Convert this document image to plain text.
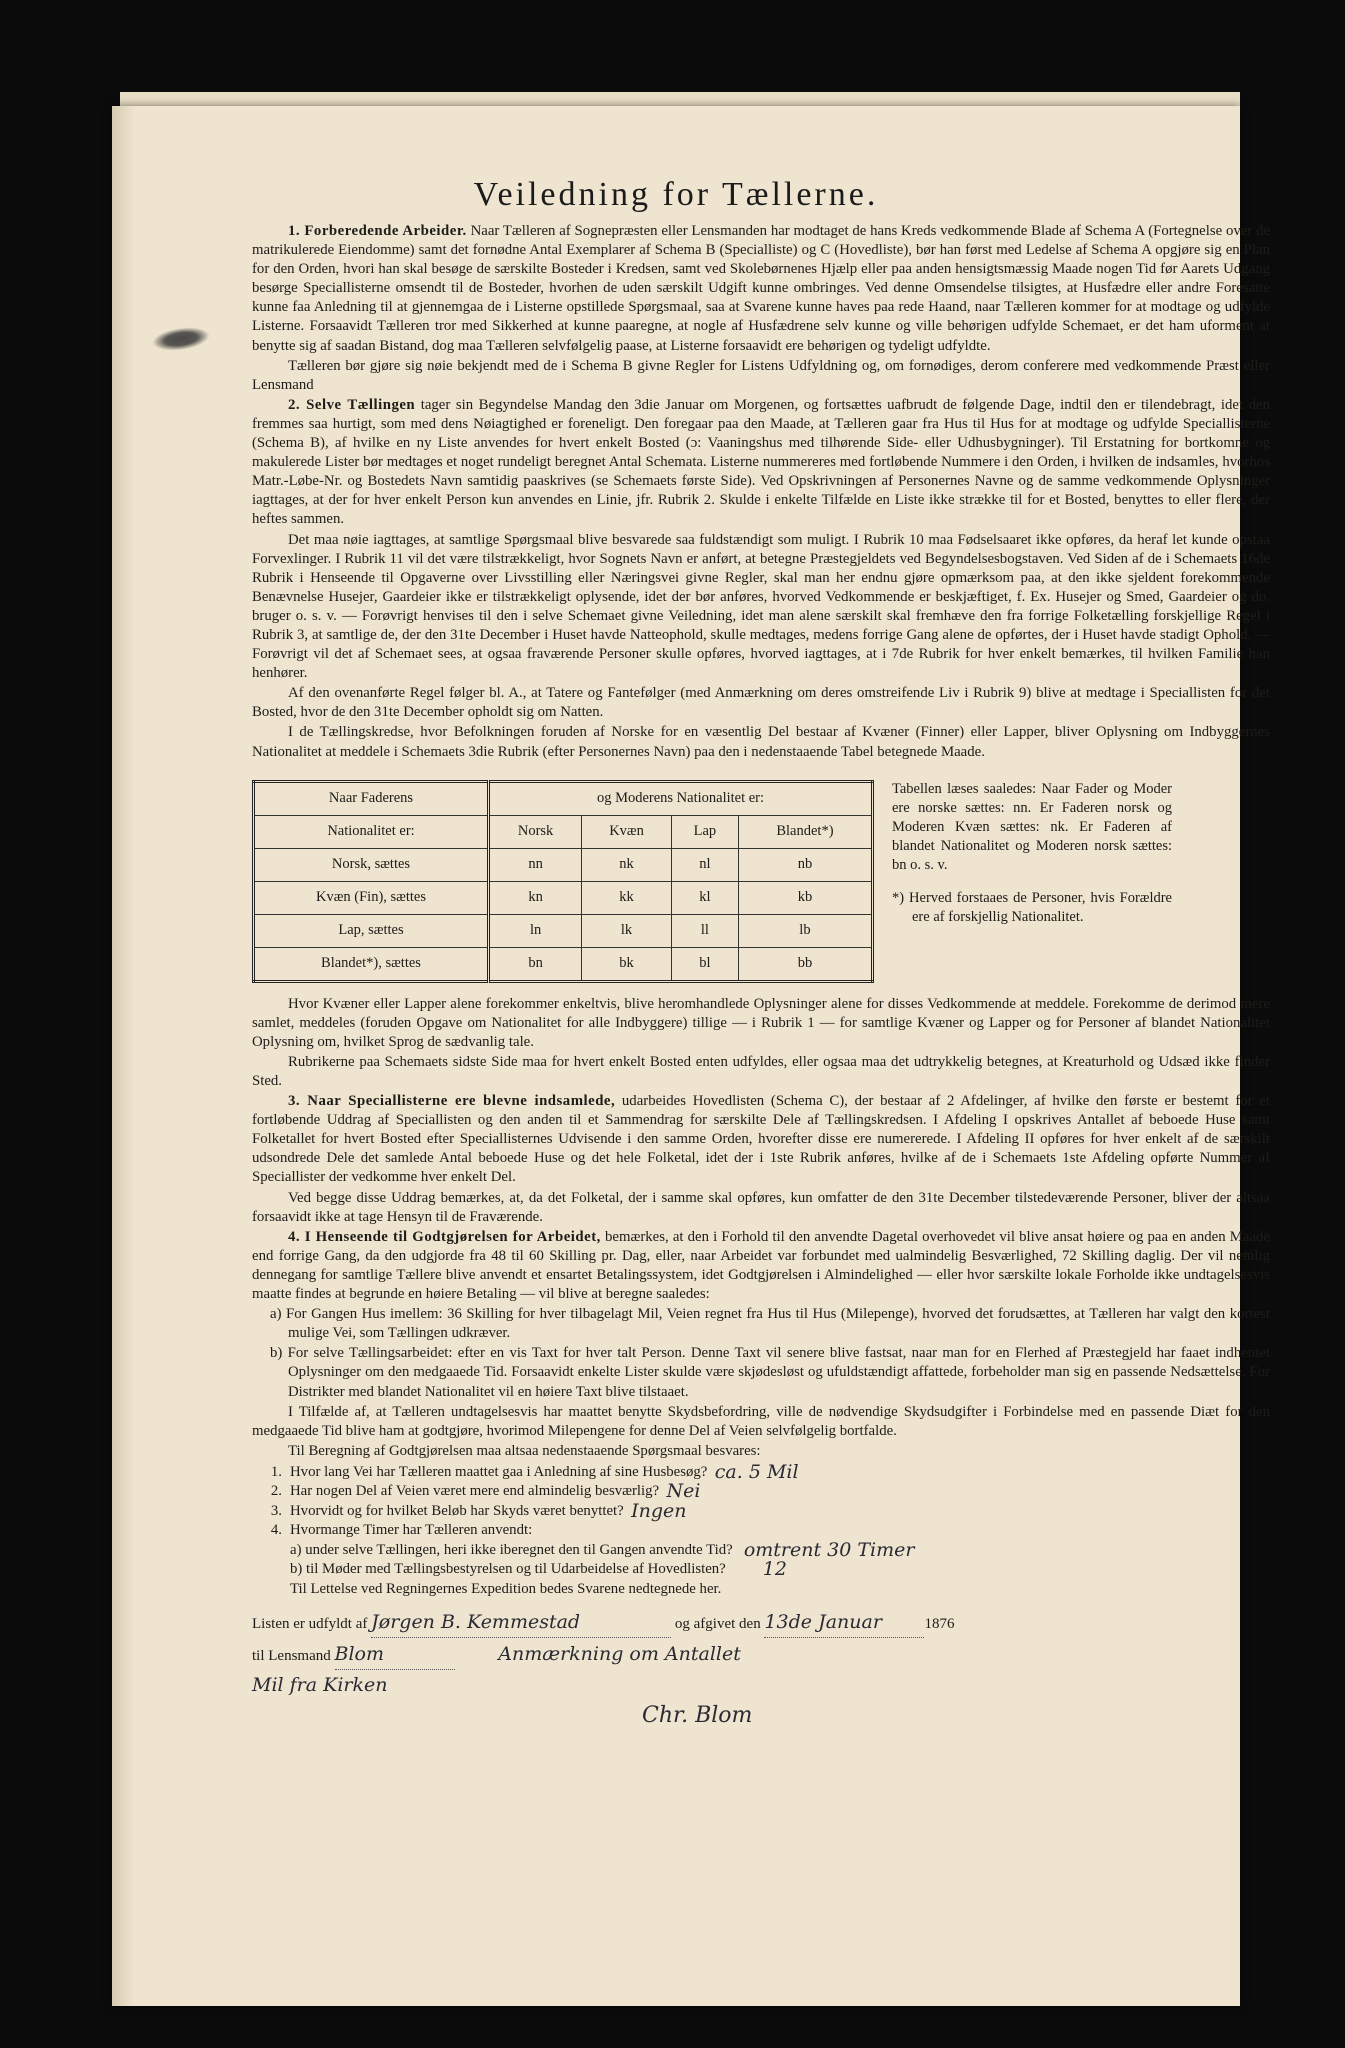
Veiledning for Tællerne.

1. Forberedende Arbeider. Naar Tælleren af Sognepræsten eller Lensmanden har modtaget de hans Kreds vedkommende Blade af Schema A (Fortegnelse over de matrikulerede Eiendomme) samt det fornødne Antal Exemplarer af Schema B (Specialliste) og C (Hovedliste), bør han først med Ledelse af Schema A opgjøre sig en Plan for den Orden, hvori han skal besøge de særskilte Bosteder i Kredsen, samt ved Skolebørnenes Hjælp eller paa anden hensigtsmæssig Maade nogen Tid før Aarets Udgang besørge Speciallisterne omsendt til de Bosteder, hvorhen de uden særskilt Udgift kunne ombringes. Ved denne Omsendelse tilsigtes, at Husfædre eller andre Foresatte kunne faa Anledning til at gjennemgaa de i Listerne opstillede Spørgsmaal, saa at Svarene kunne haves paa rede Haand, naar Tælleren kommer for at modtage og udfylde Listerne. Forsaavidt Tælleren tror med Sikkerhed at kunne paaregne, at nogle af Husfædrene selv kunne og ville behørigen udfylde Schemaet, er det ham uforment at benytte sig af saadan Bistand, dog maa Tælleren selvfølgelig paase, at Listerne forsaavidt ere behørigen og tydeligt udfyldte.

Tælleren bør gjøre sig nøie bekjendt med de i Schema B givne Regler for Listens Udfyldning og, om fornødiges, derom conferere med vedkommende Præst eller Lensmand

2. Selve Tællingen tager sin Begyndelse Mandag den 3die Januar om Morgenen, og fortsættes uafbrudt de følgende Dage, indtil den er tilendebragt, idet den fremmes saa hurtigt, som med dens Nøiagtighed er foreneligt. Den foregaar paa den Maade, at Tælleren gaar fra Hus til Hus for at modtage og udfylde Speciallisterne (Schema B), af hvilke en ny Liste anvendes for hvert enkelt Bosted (ɔ: Vaaningshus med tilhørende Side- eller Udhusbygninger). Til Erstatning for bortkomne og makulerede Lister bør medtages et noget rundeligt beregnet Antal Schemata. Listerne nummereres med fortløbende Nummere i den Orden, i hvilken de indsamles, hvorhos Matr.-Løbe-Nr. og Bostedets Navn samtidig paaskrives (se Schemaets første Side). Ved Opskrivningen af Personernes Navne og de samme vedkommende Oplysninger iagttages, at der for hver enkelt Person kun anvendes en Linie, jfr. Rubrik 2. Skulde i enkelte Tilfælde en Liste ikke strække til for et Bosted, benyttes to eller flere, der heftes sammen.

Det maa nøie iagttages, at samtlige Spørgsmaal blive besvarede saa fuldstændigt som muligt. I Rubrik 10 maa Fødselsaaret ikke opføres, da heraf let kunde opstaa Forvexlinger. I Rubrik 11 vil det være tilstrækkeligt, hvor Sognets Navn er anført, at betegne Præstegjeldets ved Begyndelsesbogstaven. Ved Siden af de i Schemaets 16de Rubrik i Henseende til Opgaverne over Livsstilling eller Næringsvei givne Regler, skal man her endnu gjøre opmærksom paa, at den ikke sjeldent forekommende Benævnelse Husejer, Gaardeier ikke er tilstrækkeligt oplysende, idet der bør anføres, hvorved Vedkommende er beskjæftiget, f. Ex. Husejer og Smed, Gaardeier og do. bruger o. s. v. — Forøvrigt henvises til den i selve Schemaet givne Veiledning, idet man alene særskilt skal fremhæve den fra forrige Folketælling forskjellige Regel i Rubrik 3, at samtlige de, der den 31te December i Huset havde Natteophold, skulle medtages, medens forrige Gang alene de opførtes, der i Huset havde stadigt Ophold. — Forøvrigt vil det af Schemaet sees, at ogsaa fraværende Personer skulle opføres, hvorved iagttages, at i 7de Rubrik for hver enkelt bemærkes, til hvilken Familie han henhører.

Af den ovenanførte Regel følger bl. A., at Tatere og Fantefølger (med Anmærkning om deres omstreifende Liv i Rubrik 9) blive at medtage i Speciallisten for det Bosted, hvor de den 31te December opholdt sig om Natten.

I de Tællingskredse, hvor Befolkningen foruden af Norske for en væsentlig Del bestaar af Kvæner (Finner) eller Lapper, bliver Oplysning om Indbyggernes Nationalitet at meddele i Schemaets 3die Rubrik (efter Personernes Navn) paa den i nedenstaaende Tabel betegnede Maade.

Naar Faderens	og Moderens Nationalitet er:			
Nationalitet er:	Norsk	Kvæn	Lap	Blandet*)
Norsk, sættes	nn	nk	nl	nb
Kvæn (Fin), sættes	kn	kk	kl	kb
Lap, sættes	ln	lk	ll	lb
Blandet*), sættes	bn	bk	bl	bb
Tabellen læses saaledes: Naar Fader og Moder ere norske sættes: nn. Er Faderen norsk og Moderen Kvæn sættes: nk. Er Faderen af blandet Nationalitet og Moderen norsk sættes: bn o. s. v.
*) Herved forstaaes de Personer, hvis Forældre ere af forskjellig Nationalitet.

Hvor Kvæner eller Lapper alene forekommer enkeltvis, blive heromhandlede Oplysninger alene for disses Vedkommende at meddele. Forekomme de derimod mere samlet, meddeles (foruden Opgave om Nationalitet for alle Indbyggere) tillige — i Rubrik 1 — for samtlige Kvæner og Lapper og for Personer af blandet Nationalitet Oplysning om, hvilket Sprog de sædvanlig tale.

Rubrikerne paa Schemaets sidste Side maa for hvert enkelt Bosted enten udfyldes, eller ogsaa maa det udtrykkelig betegnes, at Kreaturhold og Udsæd ikke finder Sted.

3. Naar Speciallisterne ere blevne indsamlede, udarbeides Hovedlisten (Schema C), der bestaar af 2 Afdelinger, af hvilke den første er bestemt for et fortløbende Uddrag af Speciallisten og den anden til et Sammendrag for særskilte Dele af Tællingskredsen. I Afdeling I opskrives Antallet af beboede Huse samt Folketallet for hvert Bosted efter Speciallisternes Udvisende i den samme Orden, hvorefter disse ere numererede. I Afdeling II opføres for hver enkelt af de særskilt udsondrede Dele det samlede Antal beboede Huse og det hele Folketal, idet der i 1ste Rubrik anføres, hvilke af de i Schemaets 1ste Afdeling opførte Nummer af Speciallister der vedkomme hver enkelt Del.

Ved begge disse Uddrag bemærkes, at, da det Folketal, der i samme skal opføres, kun omfatter de den 31te December tilstedeværende Personer, bliver der altsaa forsaavidt ikke at tage Hensyn til de Fraværende.

4. I Henseende til Godtgjørelsen for Arbeidet, bemærkes, at den i Forhold til den anvendte Dagetal overhovedet vil blive ansat høiere og paa en anden Maade end forrige Gang, da den udgjorde fra 48 til 60 Skilling pr. Dag, eller, naar Arbeidet var forbundet med ualmindelig Besværlighed, 72 Skilling daglig. Der vil nemlig dennegang for samtlige Tællere blive anvendt et ensartet Betalingssystem, idet Godtgjørelsen i Almindelighed — eller hvor særskilte lokale Forholde ikke undtagelsesvis maatte findes at begrunde en høiere Betaling — vil blive at beregne saaledes:

a) For Gangen Hus imellem: 36 Skilling for hver tilbagelagt Mil, Veien regnet fra Hus til Hus (Milepenge), hvorved det forudsættes, at Tælleren har valgt den kortest mulige Vei, som Tællingen udkræver.

b) For selve Tællingsarbeidet: efter en vis Taxt for hver talt Person. Denne Taxt vil senere blive fastsat, naar man for en Flerhed af Præstegjeld har faaet indhentet Oplysninger om den medgaaede Tid. Forsaavidt enkelte Lister skulde være skjødesløst og ufuldstændigt affattede, forbeholder man sig en passende Nedsættelse. For Distrikter med blandet Nationalitet vil en høiere Taxt blive tilstaaet.

I Tilfælde af, at Tælleren undtagelsesvis har maattet benytte Skydsbefordring, ville de nødvendige Skydsudgifter i Forbindelse med en passende Diæt for den medgaaede Tid blive ham at godtgjøre, hvorimod Milepengene for denne Del af Veien selvfølgelig bortfalde.

Til Beregning af Godtgjørelsen maa altsaa nedenstaaende Spørgsmaal besvares:

1. Hvor lang Vei har Tælleren maattet gaa i Anledning af sine Husbesøg?
ca. 5 Mil
2. Har nogen Del af Veien været mere end almindelig besværlig?
Nei
3. Hvorvidt og for hvilket Beløb har Skyds været benyttet?
Ingen
4. Hvormange Timer har Tælleren anvendt:
a) under selve Tællingen, heri ikke iberegnet den til Gangen anvendte Tid?
omtrent 30 Timer
b) til Møder med Tællingsbestyrelsen og til Udarbeidelse af Hovedlisten?
12
Til Lettelse ved Regningernes Expedition bedes Svarene nedtegnede her.
Listen er udfyldt af Jørgen B. Kemmestad	og afgivet den 13de Januar	1876
til Lensmand Blom	Anmærkning om Antallet
Mil fra Kirken
Chr. Blom
